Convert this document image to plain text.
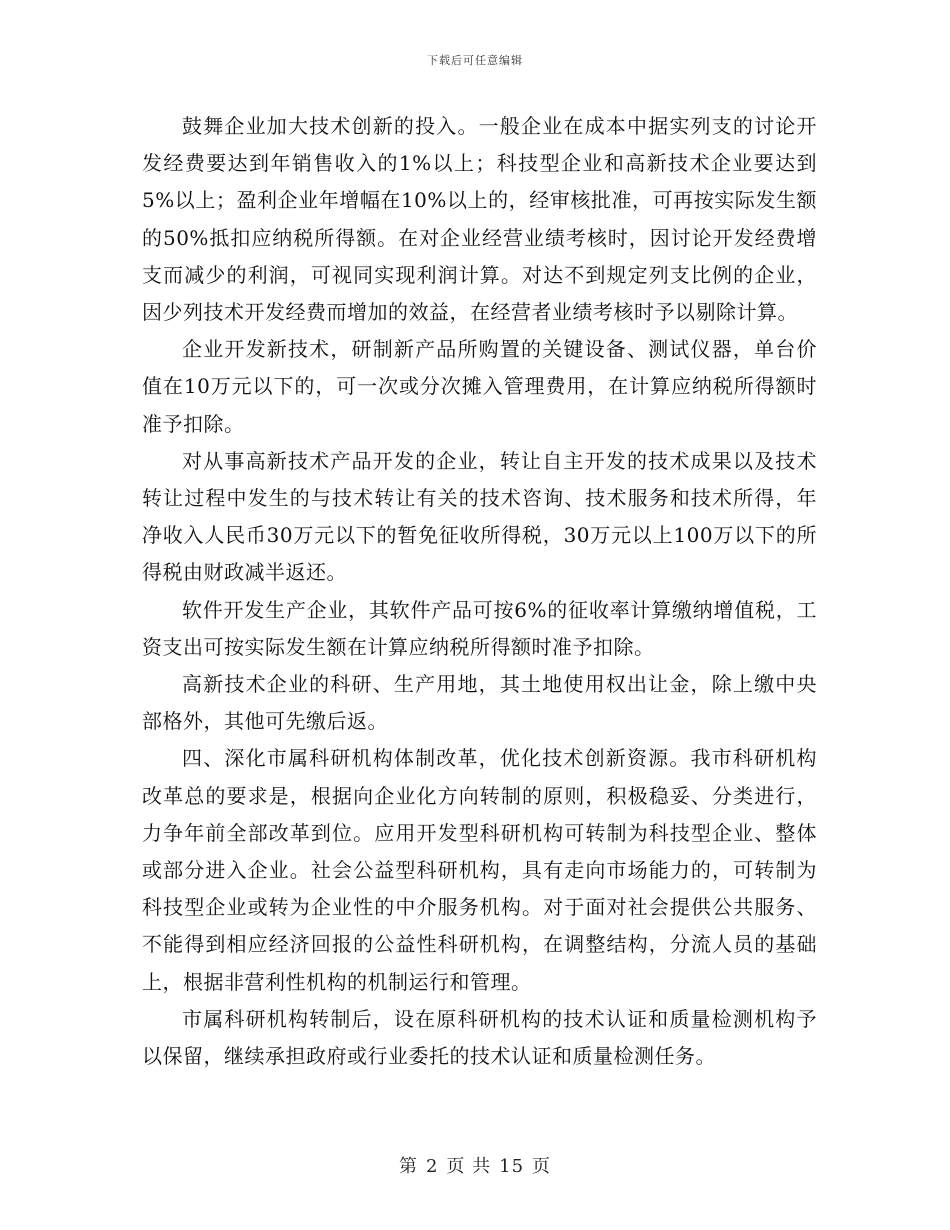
下载后可任意编辑

鼓舞企业加大技术创新的投入。一般企业在成本中据实列支的讨论开发经费要达到年销售收入的1%以上；科技型企业和高新技术企业要达到5%以上；盈利企业年增幅在10%以上的，经审核批准，可再按实际发生额的50%抵扣应纳税所得额。在对企业经营业绩考核时，因讨论开发经费增支而减少的利润，可视同实现利润计算。对达不到规定列支比例的企业，因少列技术开发经费而增加的效益，在经营者业绩考核时予以剔除计算。

企业开发新技术，研制新产品所购置的关键设备、测试仪器，单台价值在10万元以下的，可一次或分次摊入管理费用，在计算应纳税所得额时准予扣除。

对从事高新技术产品开发的企业，转让自主开发的技术成果以及技术转让过程中发生的与技术转让有关的技术咨询、技术服务和技术所得，年净收入人民币30万元以下的暂免征收所得税，30万元以上100万以下的所得税由财政减半返还。

软件开发生产企业，其软件产品可按6%的征收率计算缴纳增值税，工资支出可按实际发生额在计算应纳税所得额时准予扣除。

高新技术企业的科研、生产用地，其土地使用权出让金，除上缴中央部格外，其他可先缴后返。

四、深化市属科研机构体制改革，优化技术创新资源。我市科研机构改革总的要求是，根据向企业化方向转制的原则，积极稳妥、分类进行，力争年前全部改革到位。应用开发型科研机构可转制为科技型企业、整体或部分进入企业。社会公益型科研机构，具有走向市场能力的，可转制为科技型企业或转为企业性的中介服务机构。对于面对社会提供公共服务、不能得到相应经济回报的公益性科研机构，在调整结构，分流人员的基础上，根据非营利性机构的机制运行和管理。

市属科研机构转制后，设在原科研机构的技术认证和质量检测机构予以保留，继续承担政府或行业委托的技术认证和质量检测任务。

第 2 页 共 15 页
